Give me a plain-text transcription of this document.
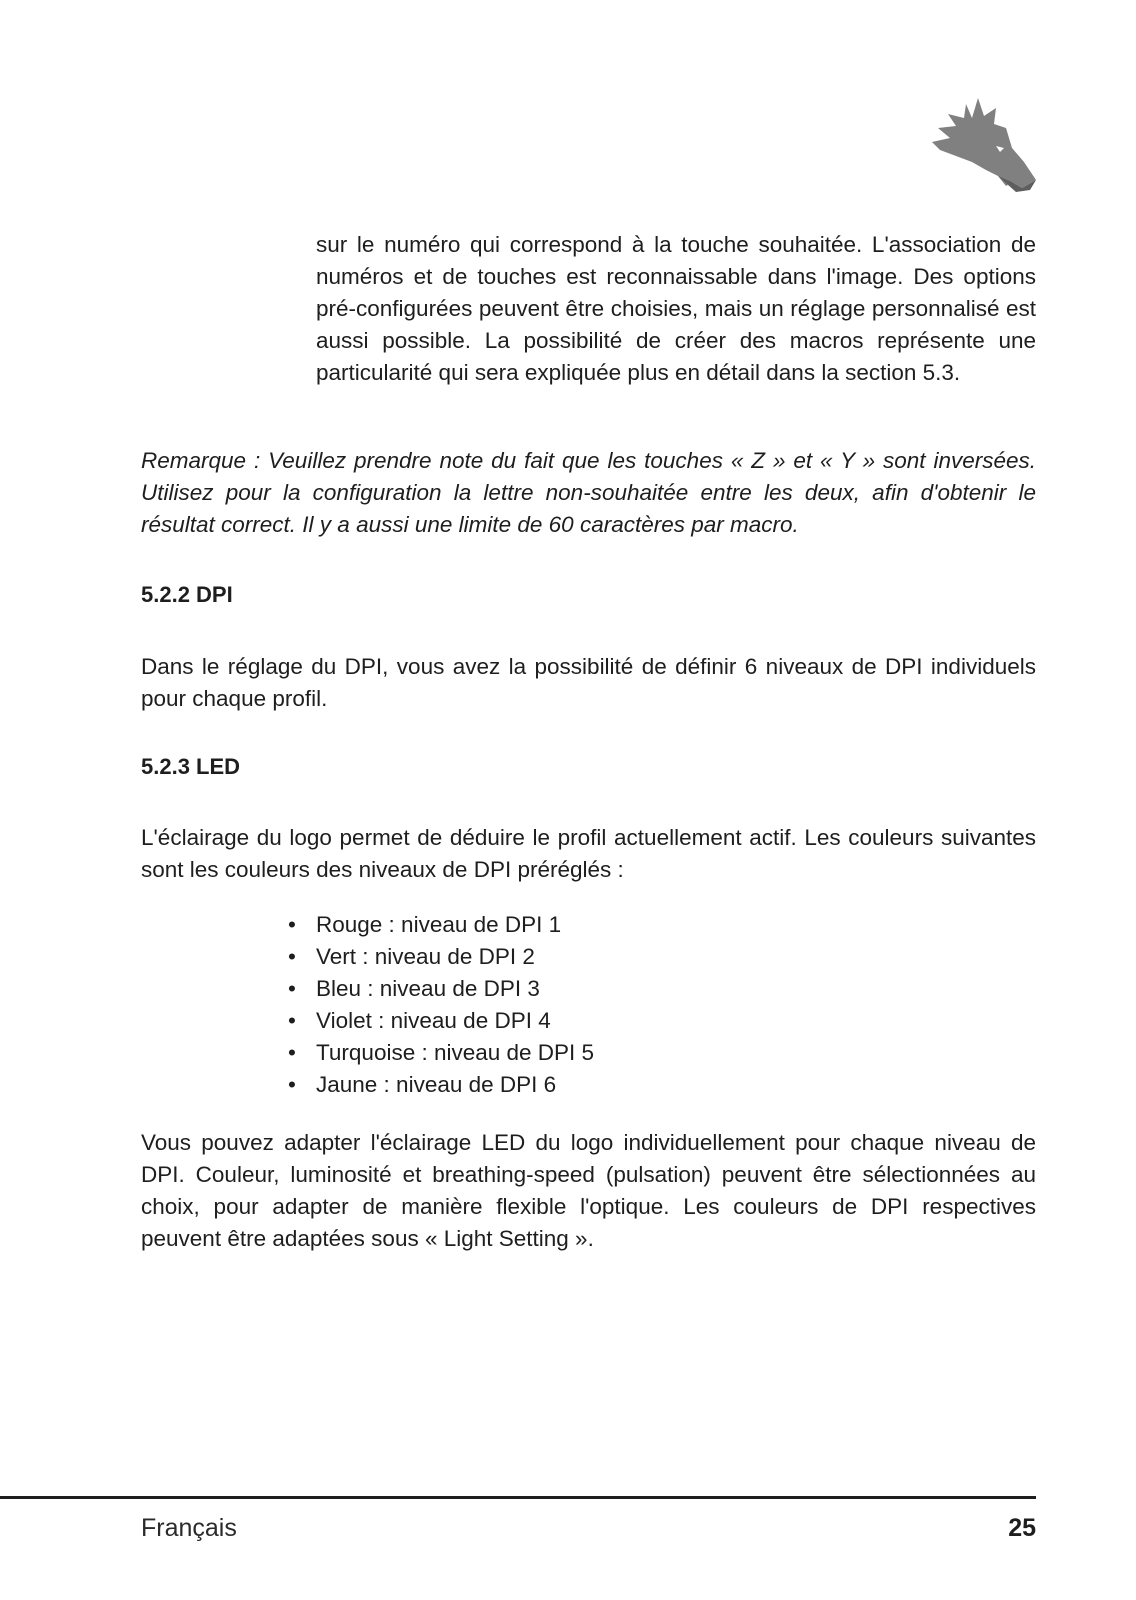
sur le numéro qui correspond à la touche souhaitée. L'association de numéros et de touches est reconnaissable dans l'image. Des options pré-configurées peuvent être choisies, mais un réglage personnalisé est aussi possible. La possibilité de créer des macros représente une particularité qui sera expliquée plus en détail dans la section 5.3.

Remarque : Veuillez prendre note du fait que les touches « Z » et « Y » sont inversées. Utilisez pour la configuration la lettre non-souhaitée entre les deux, afin d'obtenir le résultat correct. Il y a aussi une limite de 60 caractères par macro.

5.2.2 DPI

Dans le réglage du DPI, vous avez la possibilité de définir 6 niveaux de DPI individuels pour chaque profil.

5.2.3 LED

L'éclairage du logo permet de déduire le profil actuellement actif. Les couleurs suivantes sont les couleurs des niveaux de DPI préréglés :

• Rouge : niveau de DPI 1
• Vert : niveau de DPI 2
• Bleu : niveau de DPI 3
• Violet : niveau de DPI 4
• Turquoise : niveau de DPI 5
• Jaune : niveau de DPI 6

Vous pouvez adapter l'éclairage LED du logo individuellement pour chaque niveau de DPI. Couleur, luminosité et breathing-speed (pulsation) peuvent être sélectionnées au choix, pour adapter de manière flexible l'optique. Les couleurs de DPI respectives peuvent être adaptées sous « Light Setting ».

Français	25
